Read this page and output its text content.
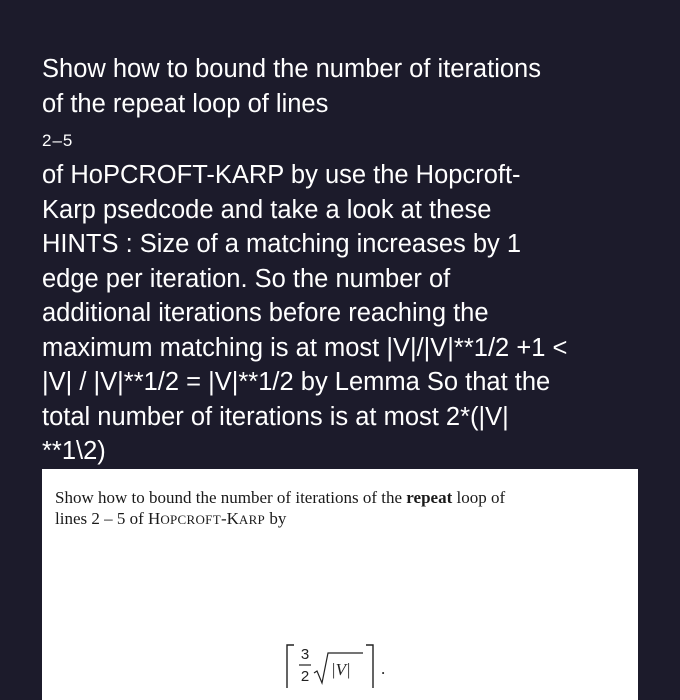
Show how to bound the number of iterations
of the repeat loop of lines
2–5
of HoPCROFT-KARP by use the Hopcroft-
Karp psedcode and take a look at these
HINTS : Size of a matching increases by 1
edge per iteration. So the number of
additional iterations before reaching the
maximum matching is at most |V|/|V|**1/2 +1 <
|V| / |V|**1/2 = |V|**1/2 by Lemma So that the
total number of iterations is at most 2*(|V|
**1\2)
Show how to bound the number of iterations of the repeat loop of
lines 2 – 5 of HOPCROFT-KARP by
3
2 |V| .
